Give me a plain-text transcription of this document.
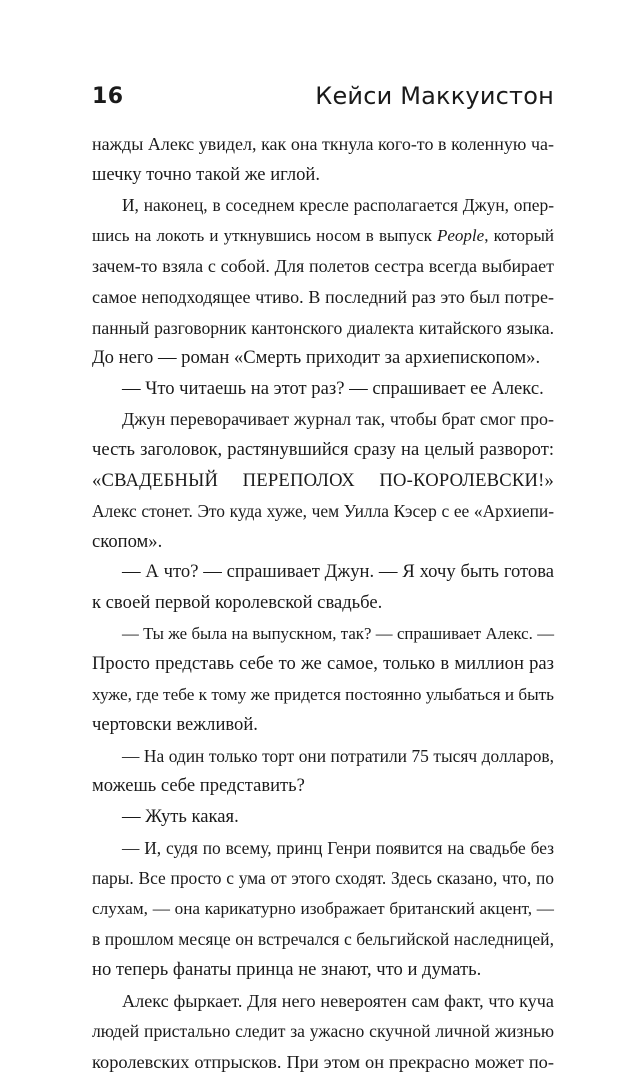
16	Кейси Маккуистон
нажды Алекс увидел, как она ткнула кого-то в коленную ча-
шечку точно такой же иглой.
И, наконец, в соседнем кресле располагается Джун, опер-
шись на локоть и уткнувшись носом в выпуск People, который
зачем-то взяла с собой. Для полетов сестра всегда выбирает
самое неподходящее чтиво. В последний раз это был потре-
панный разговорник кантонского диалекта китайского языка.
До него — роман «Смерть приходит за архиепископом».
— Что читаешь на этот раз? — спрашивает ее Алекс.
Джун переворачивает журнал так, чтобы брат смог про-
честь заголовок, растянувшийся сразу на целый разворот:
«СВАДЕБНЫЙ ПЕРЕПОЛОХ ПО-КОРОЛЕВСКИ!»
Алекс стонет. Это куда хуже, чем Уилла Кэсер с ее «Архиепи-
скопом».
— А что? — спрашивает Джун. — Я хочу быть готова
к своей первой королевской свадьбе.
— Ты же была на выпускном, так? — спрашивает Алекс. —
Просто представь себе то же самое, только в миллион раз
хуже, где тебе к тому же придется постоянно улыбаться и быть
чертовски вежливой.
— На один только торт они потратили 75 тысяч долларов,
можешь себе представить?
— Жуть какая.
— И, судя по всему, принц Генри появится на свадьбе без
пары. Все просто с ума от этого сходят. Здесь сказано, что, по
слухам, — она карикатурно изображает британский акцент, —
в прошлом месяце он встречался с бельгийской наследницей,
но теперь фанаты принца не знают, что и думать.
Алекс фыркает. Для него невероятен сам факт, что куча
людей пристально следит за ужасно скучной личной жизнью
королевских отпрысков. При этом он прекрасно может по-
